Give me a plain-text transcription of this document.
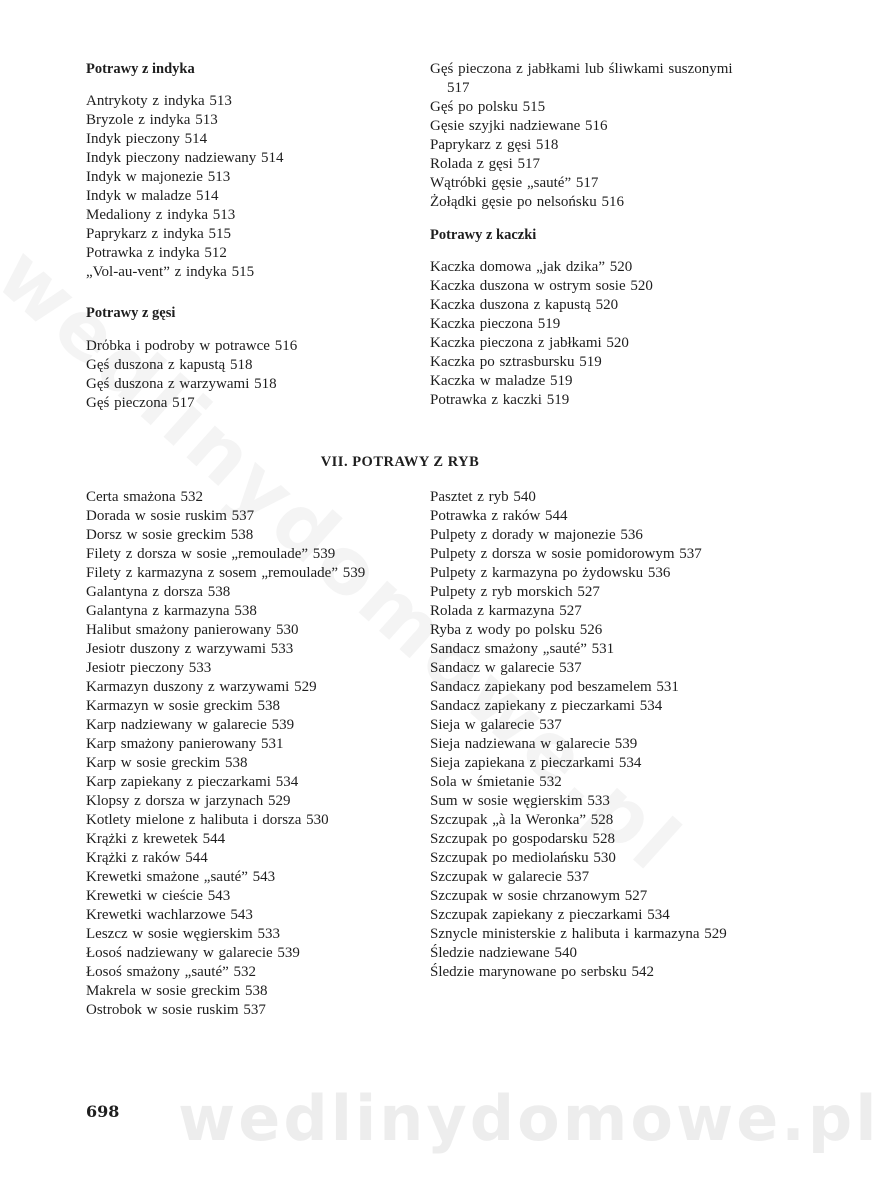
wedlinydomowe.pl
Potrawy z indyka
Antrykoty z indyka 513
Bryzole z indyka 513
Indyk pieczony 514
Indyk pieczony nadziewany 514
Indyk w majonezie 513
Indyk w maladze 514
Medaliony z indyka 513
Paprykarz z indyka 515
Potrawka z indyka 512
„Vol-au-vent” z indyka 515
Potrawy z gęsi
Drόbka i podroby w potrawce 516
Gęś duszona z kapustą 518
Gęś duszona z warzywami 518
Gęś pieczona 517
Gęś pieczona z jabłkami lub śliwkami suszonymi 517
Gęś po polsku 515
Gęsie szyjki nadziewane 516
Paprykarz z gęsi 518
Rolada z gęsi 517
Wątróbki gęsie „sauté” 517
Żołądki gęsie po nelsońsku 516
Potrawy z kaczki
Kaczka domowa „jak dzika” 520
Kaczka duszona w ostrym sosie 520
Kaczka duszona z kapustą 520
Kaczka pieczona 519
Kaczka pieczona z jabłkami 520
Kaczka po sztrasbursku 519
Kaczka w maladze 519
Potrawka z kaczki 519
VII. POTRAWY Z RYB
Certa smażona 532
Dorada w sosie ruskim 537
Dorsz w sosie greckim 538
Filety z dorsza w sosie „remoulade” 539
Filety z karmazyna z sosem „remoulade” 539
Galantyna z dorsza 538
Galantyna z karmazyna 538
Halibut smażony panierowany 530
Jesiotr duszony z warzywami 533
Jesiotr pieczony 533
Karmazyn duszony z warzywami 529
Karmazyn w sosie greckim 538
Karp nadziewany w galarecie 539
Karp smażony panierowany 531
Karp w sosie greckim 538
Karp zapiekany z pieczarkami 534
Klopsy z dorsza w jarzynach 529
Kotlety mielone z halibuta i dorsza 530
Krążki z krewetek 544
Krążki z raków 544
Krewetki smażone „sauté” 543
Krewetki w cieście 543
Krewetki wachlarzowe 543
Leszcz w sosie węgierskim 533
Łosoś nadziewany w galarecie 539
Łosoś smażony „sauté” 532
Makrela w sosie greckim 538
Ostrobok w sosie ruskim 537
Pasztet z ryb 540
Potrawka z raków 544
Pulpety z dorady w majonezie 536
Pulpety z dorsza w sosie pomidorowym 537
Pulpety z karmazyna po żydowsku 536
Pulpety z ryb morskich 527
Rolada z karmazyna 527
Ryba z wody po polsku 526
Sandacz smażony „sauté” 531
Sandacz w galarecie 537
Sandacz zapiekany pod beszamelem 531
Sandacz zapiekany z pieczarkami 534
Sieja w galarecie 537
Sieja nadziewana w galarecie 539
Sieja zapiekana z pieczarkami 534
Sola w śmietanie 532
Sum w sosie węgierskim 533
Szczupak „à la Weronka” 528
Szczupak po gospodarsku 528
Szczupak po mediolańsku 530
Szczupak w galarecie 537
Szczupak w sosie chrzanowym 527
Szczupak zapiekany z pieczarkami 534
Sznycle ministerskie z halibuta i karmazyna 529
Śledzie nadziewane 540
Śledzie marynowane po serbsku 542
698
